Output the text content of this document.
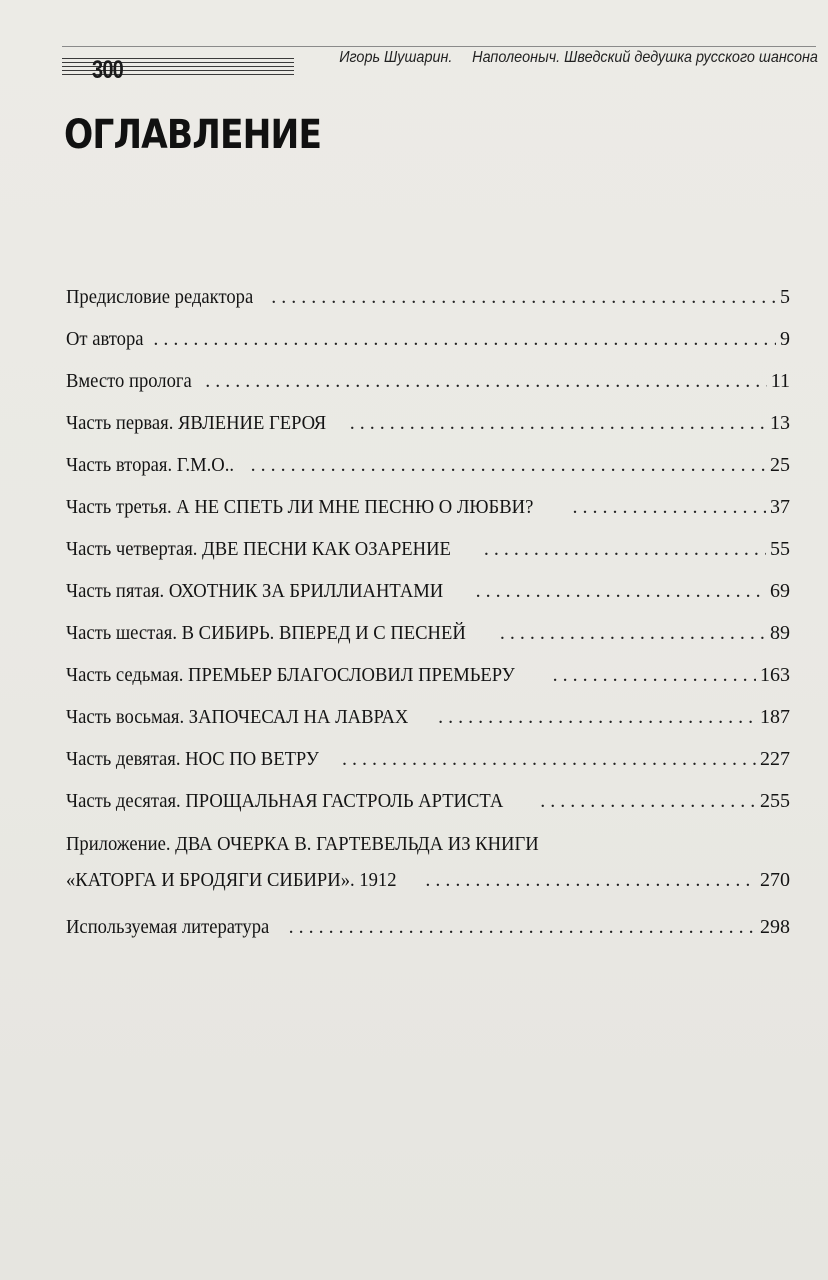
300	Игорь Шушарин. Наполеоныч. Шведский дедушка русского шансона
ОГЛАВЛЕНИЕ
Предисловие редактора . . .	5
От автора . . .	9
Вместо пролога . . .	11
Часть первая. ЯВЛЕНИЕ ГЕРОЯ . . .	13
Часть вторая. Г.М.О.. . . .	25
Часть третья. А НЕ СПЕТЬ ЛИ МНЕ ПЕСНЮ О ЛЮБВИ? . . .	37
Часть четвертая. ДВЕ ПЕСНИ КАК ОЗАРЕНИЕ . . .	55
Часть пятая. ОХОТНИК ЗА БРИЛЛИАНТАМИ . . .	69
Часть шестая. В СИБИРЬ. ВПЕРЕД И С ПЕСНЕЙ . . .	89
Часть седьмая. ПРЕМЬЕР БЛАГОСЛОВИЛ ПРЕМЬЕРУ . . .	163
Часть восьмая. ЗАПОЧЕСАЛ НА ЛАВРАХ . . .	187
Часть девятая. НОС ПО ВЕТРУ . . .	227
Часть десятая. ПРОЩАЛЬНАЯ ГАСТРОЛЬ АРТИСТА . . .	255
Приложение. ДВА ОЧЕРКА В. ГАРТЕВЕЛЬДА ИЗ КНИГИ
«КАТОРГА И БРОДЯГИ СИБИРИ». 1912 . . .	270
Используемая литература . . .	298
